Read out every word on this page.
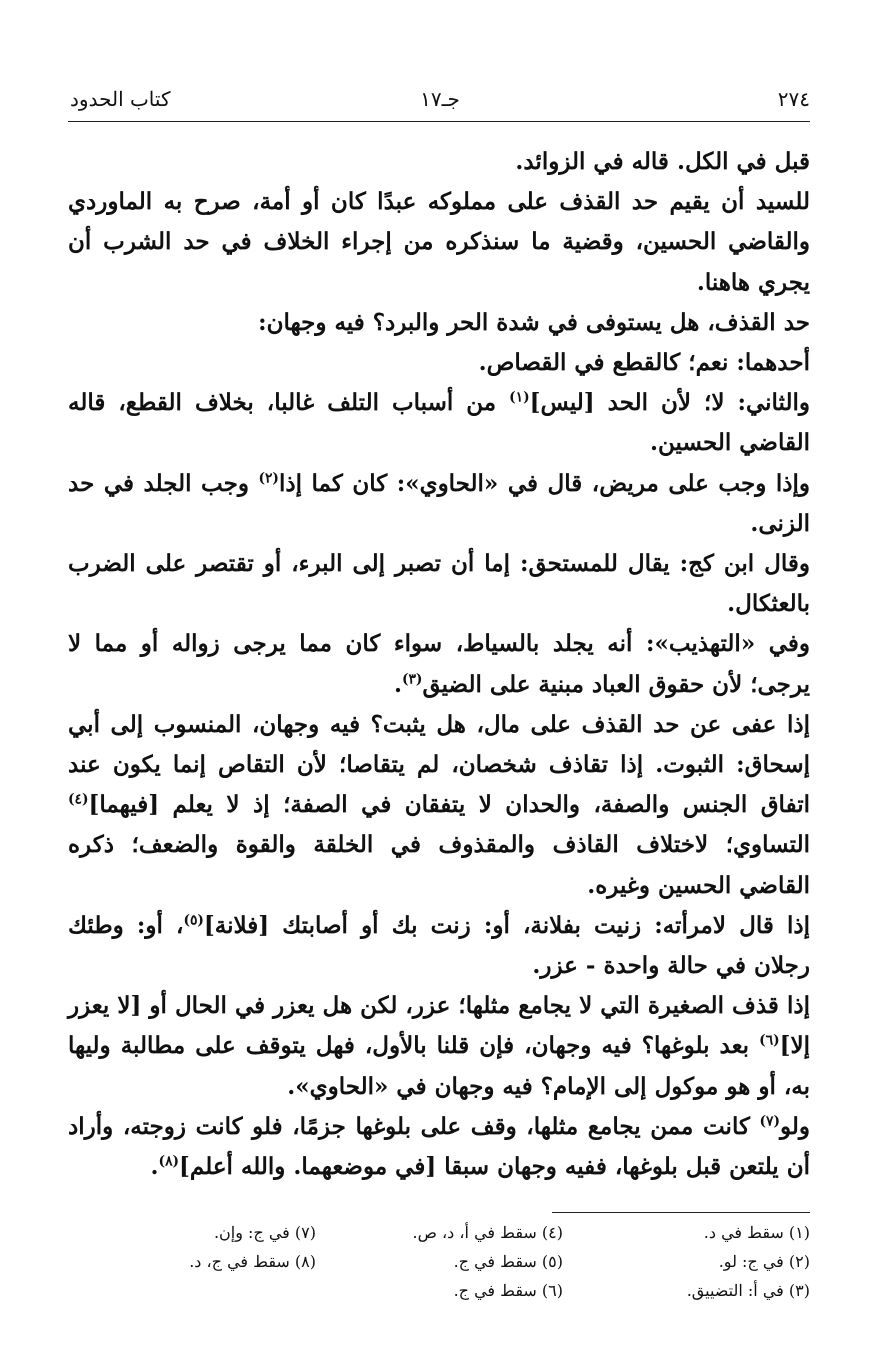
٢٧٤
جـ١٧
كتاب الحدود

قبل في الكل. قاله في الزوائد.

للسيد أن يقيم حد القذف على مملوكه عبدًا كان أو أمة، صرح به الماوردي والقاضي الحسين، وقضية ما سنذكره من إجراء الخلاف في حد الشرب أن يجري هاهنا.

حد القذف، هل يستوفى في شدة الحر والبرد؟ فيه وجهان:

أحدهما: نعم؛ كالقطع في القصاص.

والثاني: لا؛ لأن الحد [ليس]$^{(١)}$ من أسباب التلف غالبا، بخلاف القطع، قاله القاضي الحسين.

وإذا وجب على مريض، قال في «الحاوي»: كان كما إذا$^{(٢)}$ وجب الجلد في حد الزنى.

وقال ابن كج: يقال للمستحق: إما أن تصبر إلى البرء، أو تقتصر على الضرب بالعثكال.

وفي «التهذيب»: أنه يجلد بالسياط، سواء كان مما يرجى زواله أو مما لا يرجى؛ لأن حقوق العباد مبنية على الضيق$^{(٣)}$.

إذا عفى عن حد القذف على مال، هل يثبت؟ فيه وجهان، المنسوب إلى أبي إسحاق: الثبوت. إذا تقاذف شخصان، لم يتقاصا؛ لأن التقاص إنما يكون عند اتفاق الجنس والصفة، والحدان لا يتفقان في الصفة؛ إذ لا يعلم [فيهما]$^{(٤)}$ التساوي؛ لاختلاف القاذف والمقذوف في الخلقة والقوة والضعف؛ ذكره القاضي الحسين وغيره.

إذا قال لامرأته: زنيت بفلانة، أو: زنت بك أو أصابتك [فلانة]$^{(٥)}$، أو: وطئك رجلان في حالة واحدة - عزر.

إذا قذف الصغيرة التي لا يجامع مثلها؛ عزر، لكن هل يعزر في الحال أو [لا يعزر إلا]$^{(٦)}$ بعد بلوغها؟ فيه وجهان، فإن قلنا بالأول، فهل يتوقف على مطالبة وليها به، أو هو موكول إلى الإمام؟ فيه وجهان في «الحاوي».

ولو$^{(٧)}$ كانت ممن يجامع مثلها، وقف على بلوغها جزمًا، فلو كانت زوجته، وأراد أن يلتعن قبل بلوغها، ففيه وجهان سبقا [في موضعهما. والله أعلم]$^{(٨)}$.

(١) سقط في د.
(٤) سقط في أ، د، ص.
(٧) في ج: وإن.
(٢) في ج: لو.
(٥) سقط في ج.
(٨) سقط في ج، د.
(٣) في أ: التضييق.
(٦) سقط في ج.
